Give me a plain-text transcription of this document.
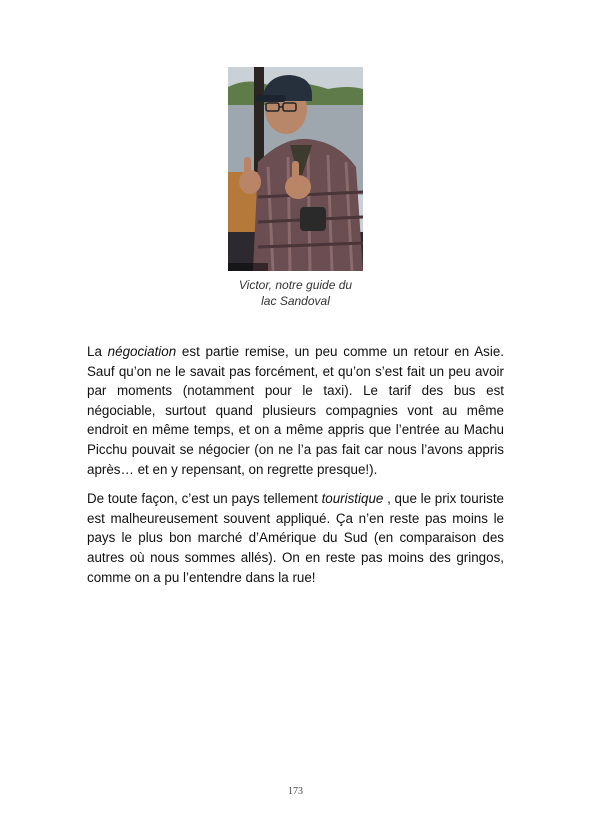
Victor, notre guide du
lac Sandoval

La négociation est partie remise, un peu comme un retour en Asie. Sauf qu’on ne le savait pas forcément, et qu’on s’est fait un peu avoir par moments (notamment pour le taxi). Le tarif des bus est négociable, surtout quand plusieurs compagnies vont au même endroit en même temps, et on a même appris que l’entrée au Machu Picchu pouvait se négocier (on ne l’a pas fait car nous l’avons appris après… et en y repensant, on regrette presque!).

De toute façon, c’est un pays tellement touristique , que le prix touriste est malheureusement souvent appliqué. Ça n’en reste pas moins le pays le plus bon marché d’Amérique du Sud (en comparaison des autres où nous sommes allés). On en reste pas moins des gringos, comme on a pu l’entendre dans la rue!

173
